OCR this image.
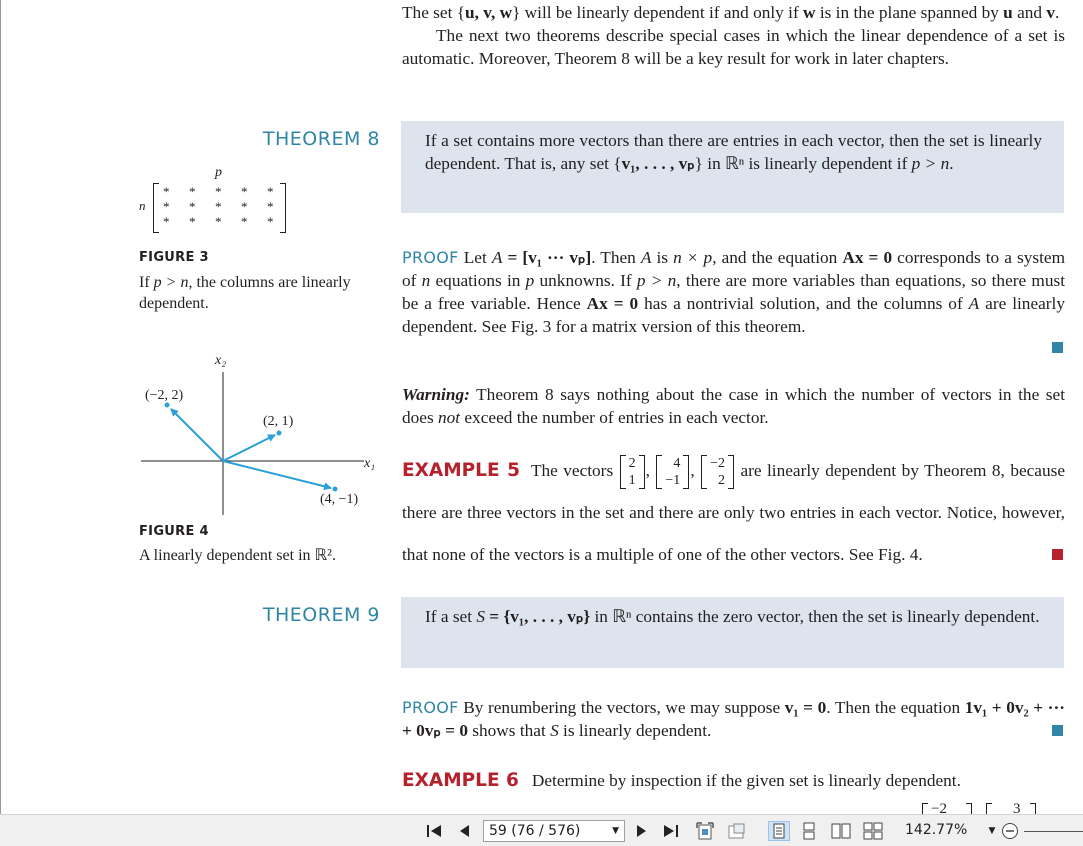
The set {u, v, w} will be linearly dependent if and only if w is in the plane spanned by u and v.

The next two theorems describe special cases in which the linear dependence of a set is automatic. Moreover, Theorem 8 will be a key result for work in later chapters.

THEOREM 8	If a set contains more vectors than there are entries in each vector, then the set is linearly dependent. That is, any set {v₁, . . . , vₚ} in ℝⁿ is linearly dependent if p > n.
p
n
* * * * *
* * * * *
* * * * *
FIGURE 3
If p > n, the columns are linearly dependent.

PROOF Let A = [v₁ ··· vₚ]. Then A is n × p, and the equation Ax = 0 corresponds to a system of n equations in p unknowns. If p > n, there are more variables than equations, so there must be a free variable. Hence Ax = 0 has a nontrivial solution, and the columns of A are linearly dependent. See Fig. 3 for a matrix version of this theorem.

Warning: Theorem 8 says nothing about the case in which the number of vectors in the set does not exceed the number of entries in each vector.

EXAMPLE 5 The vectors 2
1
,	4
−1
, −2
2
are linearly dependent by Theorem 8, because there are three vectors in the set and there are only two entries in each vector. Notice, however, that none of the vectors is a multiple of one of the other vectors. See Fig. 4.

x₂
x₁
(−2, 2)
(2, 1)
(4, −1)
FIGURE 4
A linearly dependent set in ℝ².
THEOREM 9	If a set S = {v₁, . . . , vₚ} in ℝⁿ contains the zero vector, then the set is linearly dependent.

PROOF By renumbering the vectors, we may suppose v₁ = 0. Then the equation 1v₁ + 0v₂ + ··· + 0vₚ = 0 shows that S is linearly dependent.

EXAMPLE 6 Determine by inspection if the given set is linearly dependent.

−2	3
59 (76 / 576)	▼	142.77% ▼
